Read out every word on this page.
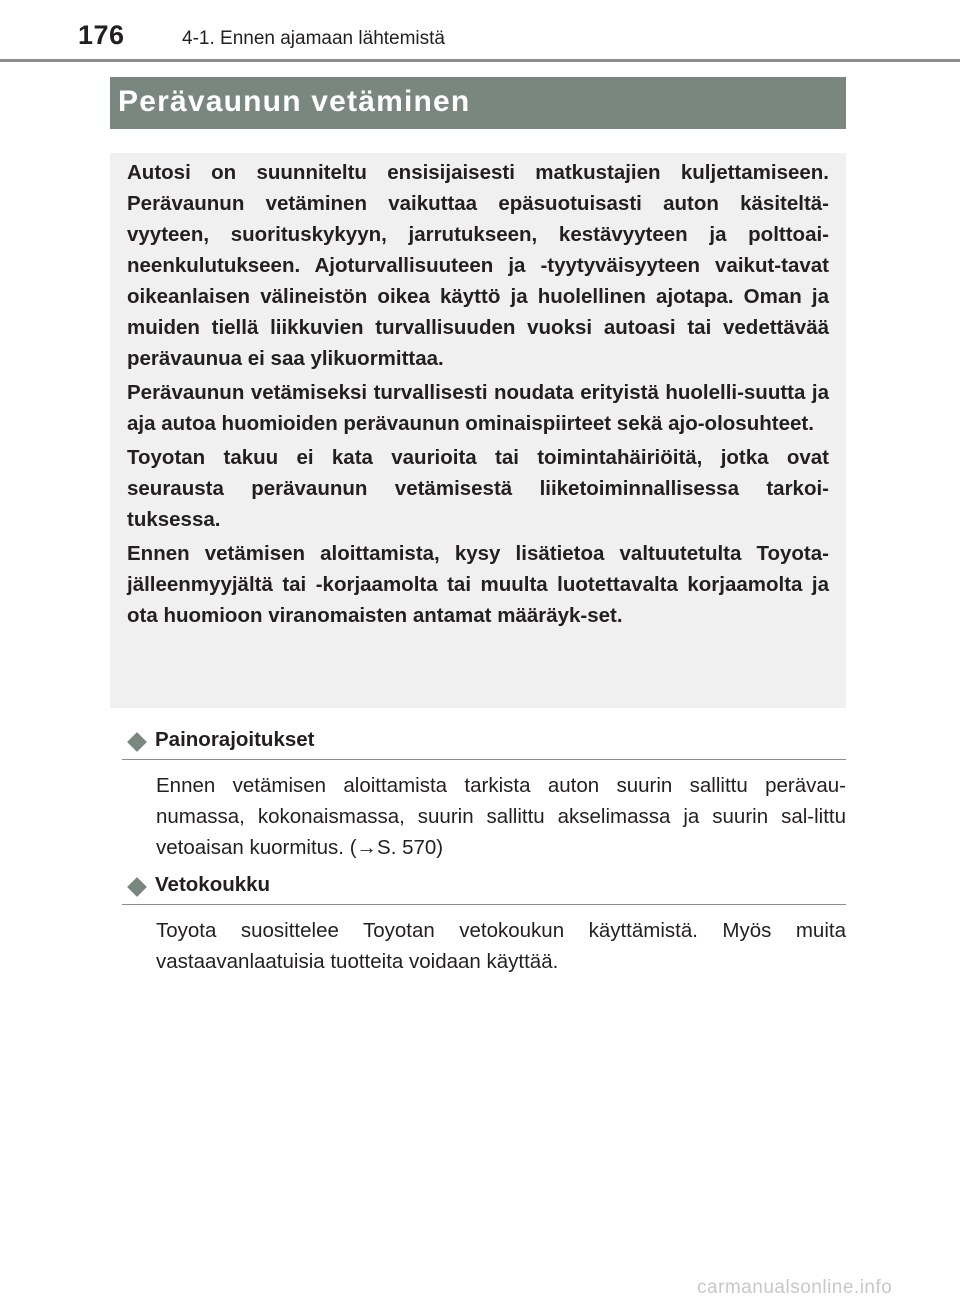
176	4-1. Ennen ajamaan lähtemistä
Perävaunun vetäminen

Autosi on suunniteltu ensisijaisesti matkustajien kuljettamiseen. Perävaunun vetäminen vaikuttaa epäsuotuisasti auton käsiteltä-vyyteen, suorituskykyyn, jarrutukseen, kestävyyteen ja polttoai-neenkulutukseen. Ajoturvallisuuteen ja -tyytyväisyyteen vaikut-tavat oikeanlaisen välineistön oikea käyttö ja huolellinen ajotapa. Oman ja muiden tiellä liikkuvien turvallisuuden vuoksi autoasi tai vedettävää perävaunua ei saa ylikuormittaa.

Perävaunun vetämiseksi turvallisesti noudata erityistä huolelli-suutta ja aja autoa huomioiden perävaunun ominaispiirteet sekä ajo-olosuhteet.

Toyotan takuu ei kata vaurioita tai toimintahäiriöitä, jotka ovat seurausta perävaunun vetämisestä liiketoiminnallisessa tarkoi-tuksessa.

Ennen vetämisen aloittamista, kysy lisätietoa valtuutetulta Toyota-jälleenmyyjältä tai -korjaamolta tai muulta luotettavalta korjaamolta ja ota huomioon viranomaisten antamat määräyk-set.

Painorajoitukset
Ennen vetämisen aloittamista tarkista auton suurin sallittu perävau-numassa, kokonaismassa, suurin sallittu akselimassa ja suurin sal-littu vetoaisan kuormitus. (→S. 570)
Vetokoukku
Toyota suosittelee Toyotan vetokoukun käyttämistä. Myös muita vastaavanlaatuisia tuotteita voidaan käyttää.
carmanualsonline.info
